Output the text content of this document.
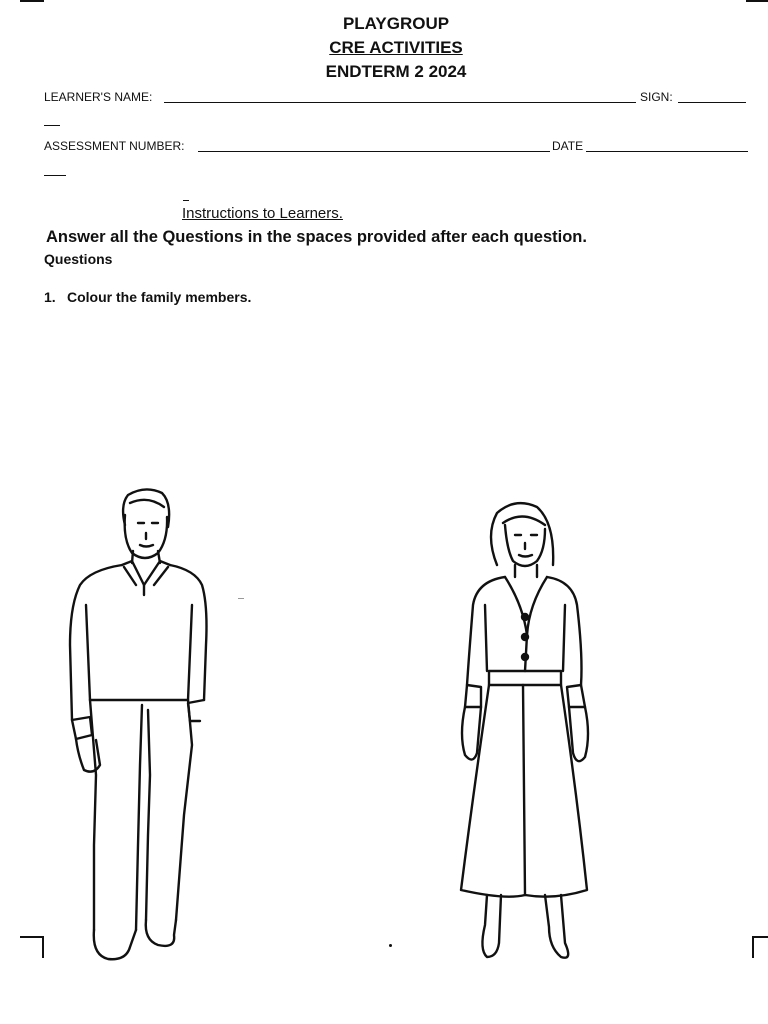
PLAYGROUP
CRE ACTIVITIES
ENDTERM 2 2024
LEARNER'S NAME:	SIGN:
ASSESSMENT NUMBER:	DATE
Instructions to Learners.
Answer all the Questions in the spaces provided after each question.
Questions
1. Colour the family members.
